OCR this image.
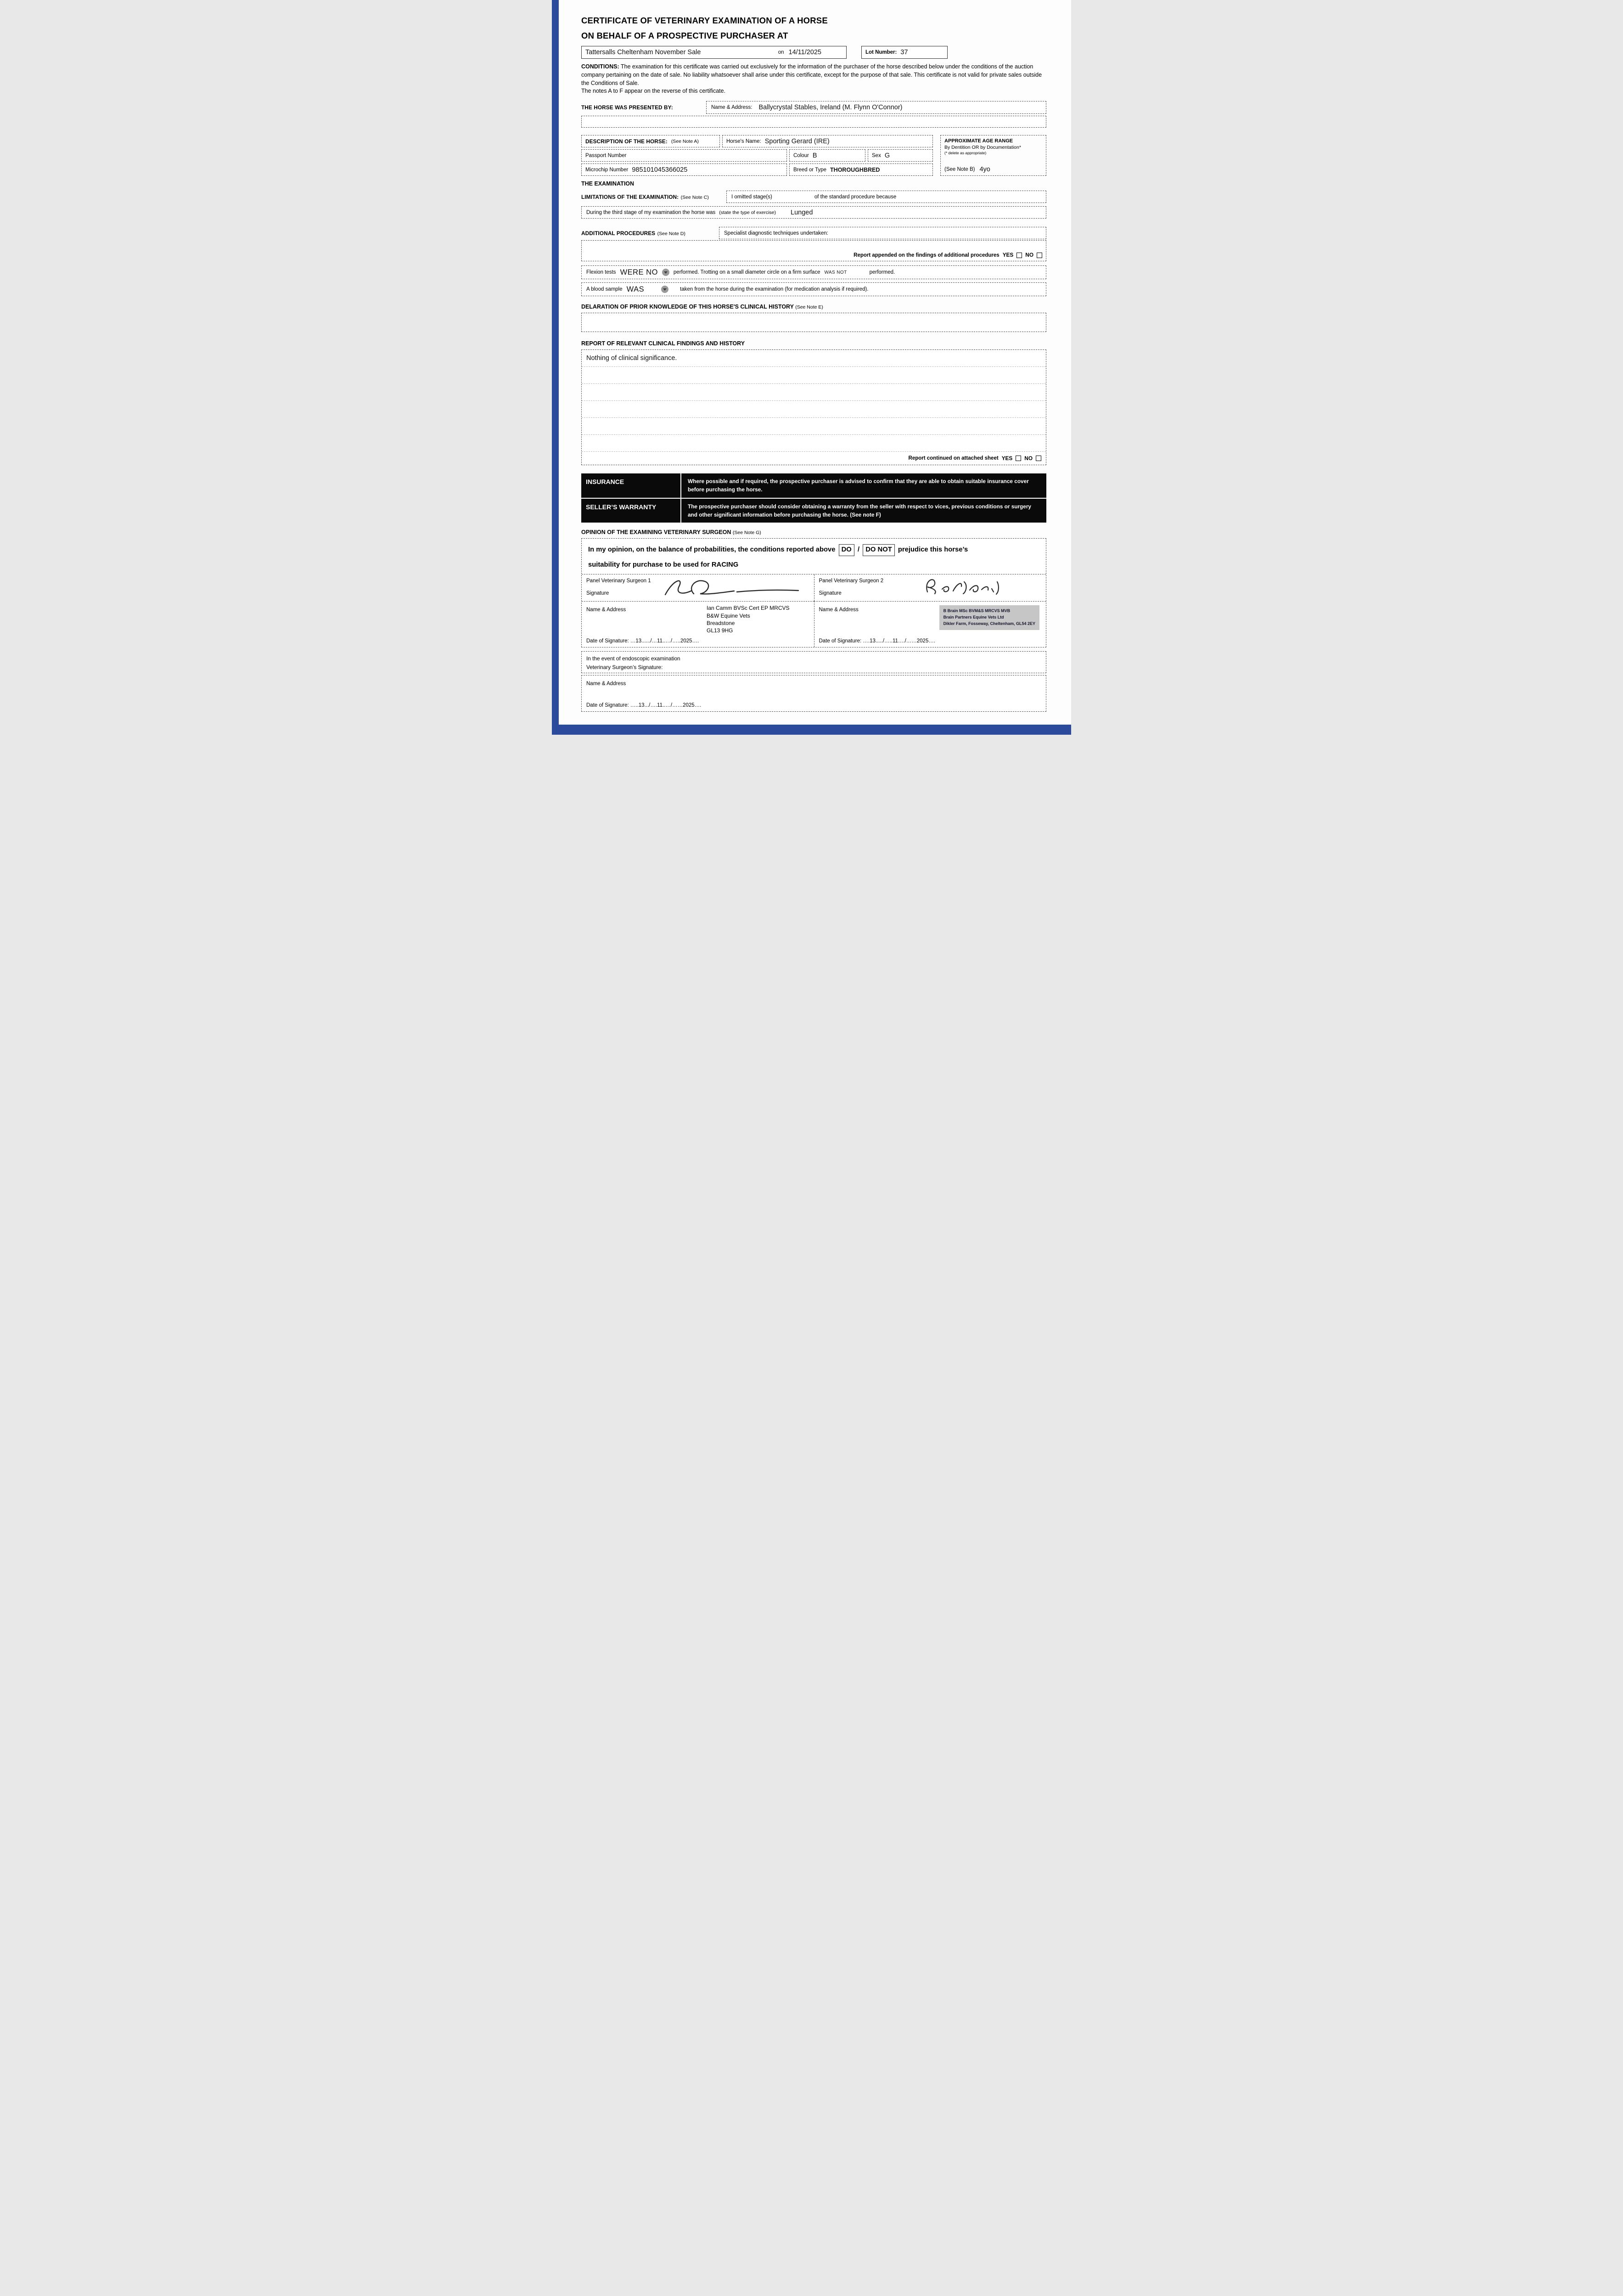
CERTIFICATE OF VETERINARY EXAMINATION OF A HORSE
ON BEHALF OF A PROSPECTIVE PURCHASER AT
Tattersalls Cheltenham November Sale	on 14/11/2025	Lot Number: 37

CONDITIONS: The examination for this certificate was carried out exclusively for the information of the purchaser of the horse described below under the conditions of the auction company pertaining on the date of sale. No liability whatsoever shall arise under this certificate, except for the purpose of that sale. This certificate is not valid for private sales outside the Conditions of Sale.

The notes A to F appear on the reverse of this certificate.

THE HORSE WAS PRESENTED BY:	Name & Address: Ballycrystal Stables, Ireland (M. Flynn O'Connor)
DESCRIPTION OF THE HORSE: (See Note A)	Horse's Name: Sporting Gerard (IRE)
Passport Number	Colour B	Sex G
Microchip Number 985101045366025	Breed or Type THOROUGHBRED
APPROXIMATE AGE RANGE
By Dentition OR by Documentation*
(* delete as appropriate)
(See Note B) 4yo
THE EXAMINATION
LIMITATIONS OF THE EXAMINATION: (See Note C)	I omitted stage(s)	of the standard procedure because
During the third stage of my examination the horse was (state the type of exercise) Lunged
ADDITIONAL PROCEDURES (See Note D)	Specialist diagnostic techniques undertaken:
Report appended on the findings of additional procedures YES NO
Flexion tests WERE NO	performed. Trotting on a small diameter circle on a firm surface WAS NOT	performed.
A blood sample WAS	taken from the horse during the examination (for medication analysis if required).
DELARATION OF PRIOR KNOWLEDGE OF THIS HORSE'S CLINICAL HISTORY (See Note E)
REPORT OF RELEVANT CLINICAL FINDINGS AND HISTORY
Nothing of clinical significance.
Report continued on attached sheet YES NO
INSURANCE	Where possible and if required, the prospective purchaser is advised to confirm that they are able to obtain suitable insurance cover before purchasing the horse.
SELLER’S WARRANTY	The prospective purchaser should consider obtaining a warranty from the seller with respect to vices, previous conditions or surgery and other significant information before purchasing the horse. (See note F)
OPINION OF THE EXAMINING VETERINARY SURGEON (See Note G)
In my opinion, on the balance of probabilities, the conditions reported above DO / DO NOT prejudice this horse’s
suitability for purchase to be used for RACING
Panel Veterinary Surgeon 1
Signature
Panel Veterinary Surgeon 2
Signature
Name & Address	Ian Camm BVSc Cert EP MRCVS
B&W Equine Vets
Breadstone
GL13 9HG
Date of Signature: …13....../…11..…/…..2025….
Name & Address	B Brain MSc BVM&S MRCVS MVB
Brain Partners Equine Vets Ltd
Dikler Farm, Fosseway, Cheltenham, GL54 2EY
Date of Signature: ….13...../…..11…./……2025….
In the event of endoscopic examination
Veterinary Surgeon’s Signature:
Name & Address
Date of Signature: …..13.../….11..…/……2025….
